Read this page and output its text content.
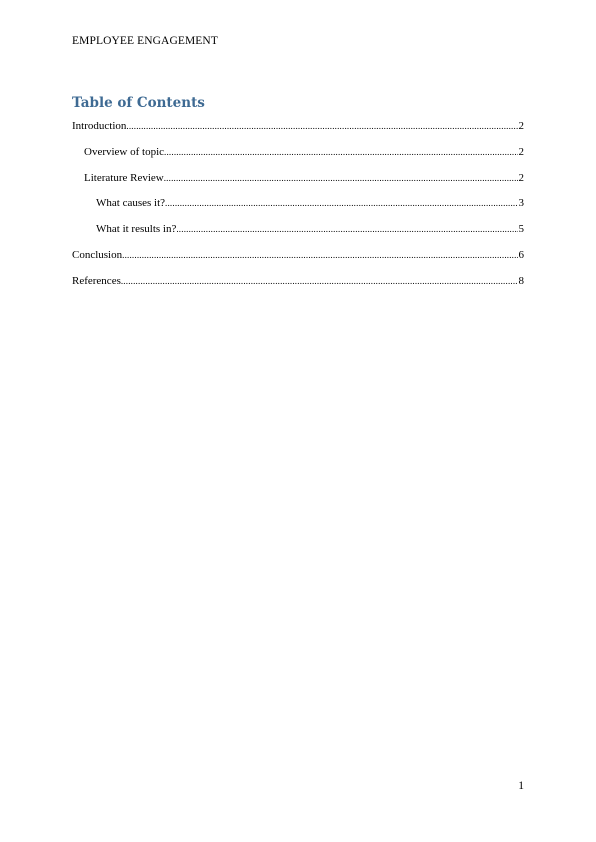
EMPLOYEE ENGAGEMENT
Table of Contents
Introduction .....	2
Overview of topic .....	2
Literature Review .....	2
What causes it? .....	3
What it results in? .....	5
Conclusion .....	6
References .....	8
1
